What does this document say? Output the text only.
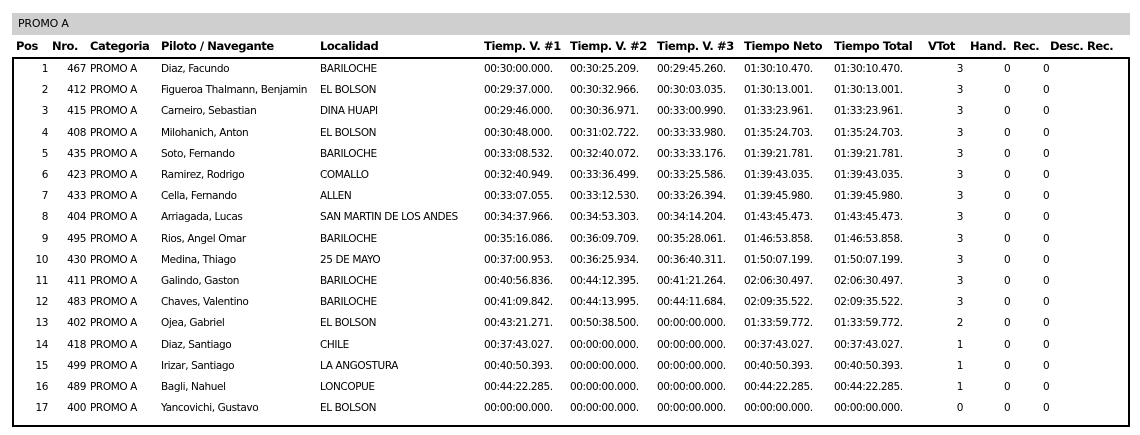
PROMO A
Pos Nro. Categoria Piloto / Navegante	Localidad	Tiemp. V. #1 Tiemp. V. #2 Tiemp. V. #3 Tiempo Neto Tiempo Total VTot Hand. Rec. Desc. Rec.
1 467 PROMO A Diaz, Facundo	BARILOCHE	00:30:00.000. 00:30:25.209. 00:29:45.260. 01:30:10.470. 01:30:10.470.	3	0	0
2 412 PROMO A Figueroa Thalmann, Benjamin	EL BOLSON	00:29:37.000. 00:30:32.966. 00:30:03.035. 01:30:13.001. 01:30:13.001.	3	0	0
3 415 PROMO A Carneiro, Sebastian	DINA HUAPI	00:29:46.000. 00:30:36.971. 00:33:00.990. 01:33:23.961. 01:33:23.961.	3	0	0
4 408 PROMO A Milohanich, Anton	EL BOLSON	00:30:48.000. 00:31:02.722. 00:33:33.980. 01:35:24.703. 01:35:24.703.	3	0	0
5 435 PROMO A Soto, Fernando	BARILOCHE	00:33:08.532. 00:32:40.072. 00:33:33.176. 01:39:21.781. 01:39:21.781.	3	0	0
6 423 PROMO A Ramirez, Rodrigo	COMALLO	00:32:40.949. 00:33:36.499. 00:33:25.586. 01:39:43.035. 01:39:43.035.	3	0	0
7 433 PROMO A Cella, Fernando	ALLEN	00:33:07.055. 00:33:12.530. 00:33:26.394. 01:39:45.980. 01:39:45.980.	3	0	0
8 404 PROMO A Arriagada, Lucas	SAN MARTIN DE LOS ANDES	00:34:37.966. 00:34:53.303. 00:34:14.204. 01:43:45.473. 01:43:45.473.	3	0	0
9 495 PROMO A Rios, Angel Omar	BARILOCHE	00:35:16.086. 00:36:09.709. 00:35:28.061. 01:46:53.858. 01:46:53.858.	3	0	0
10 430 PROMO A Medina, Thiago	25 DE MAYO	00:37:00.953. 00:36:25.934. 00:36:40.311. 01:50:07.199. 01:50:07.199.	3	0	0
11 411 PROMO A Galindo, Gaston	BARILOCHE	00:40:56.836. 00:44:12.395. 00:41:21.264. 02:06:30.497. 02:06:30.497.	3	0	0
12 483 PROMO A Chaves, Valentino	BARILOCHE	00:41:09.842. 00:44:13.995. 00:44:11.684. 02:09:35.522. 02:09:35.522.	3	0	0
13 402 PROMO A Ojea, Gabriel	EL BOLSON	00:43:21.271. 00:50:38.500. 00:00:00.000. 01:33:59.772. 01:33:59.772.	2	0	0
14 418 PROMO A Diaz, Santiago	CHILE	00:37:43.027. 00:00:00.000. 00:00:00.000. 00:37:43.027. 00:37:43.027.	1	0	0
15 499 PROMO A Irizar, Santiago	LA ANGOSTURA	00:40:50.393. 00:00:00.000. 00:00:00.000. 00:40:50.393. 00:40:50.393.	1	0	0
16 489 PROMO A Bagli, Nahuel	LONCOPUE	00:44:22.285. 00:00:00.000. 00:00:00.000. 00:44:22.285. 00:44:22.285.	1	0	0
17 400 PROMO A Yancovichi, Gustavo	EL BOLSON	00:00:00.000. 00:00:00.000. 00:00:00.000. 00:00:00.000. 00:00:00.000.	0	0	0
